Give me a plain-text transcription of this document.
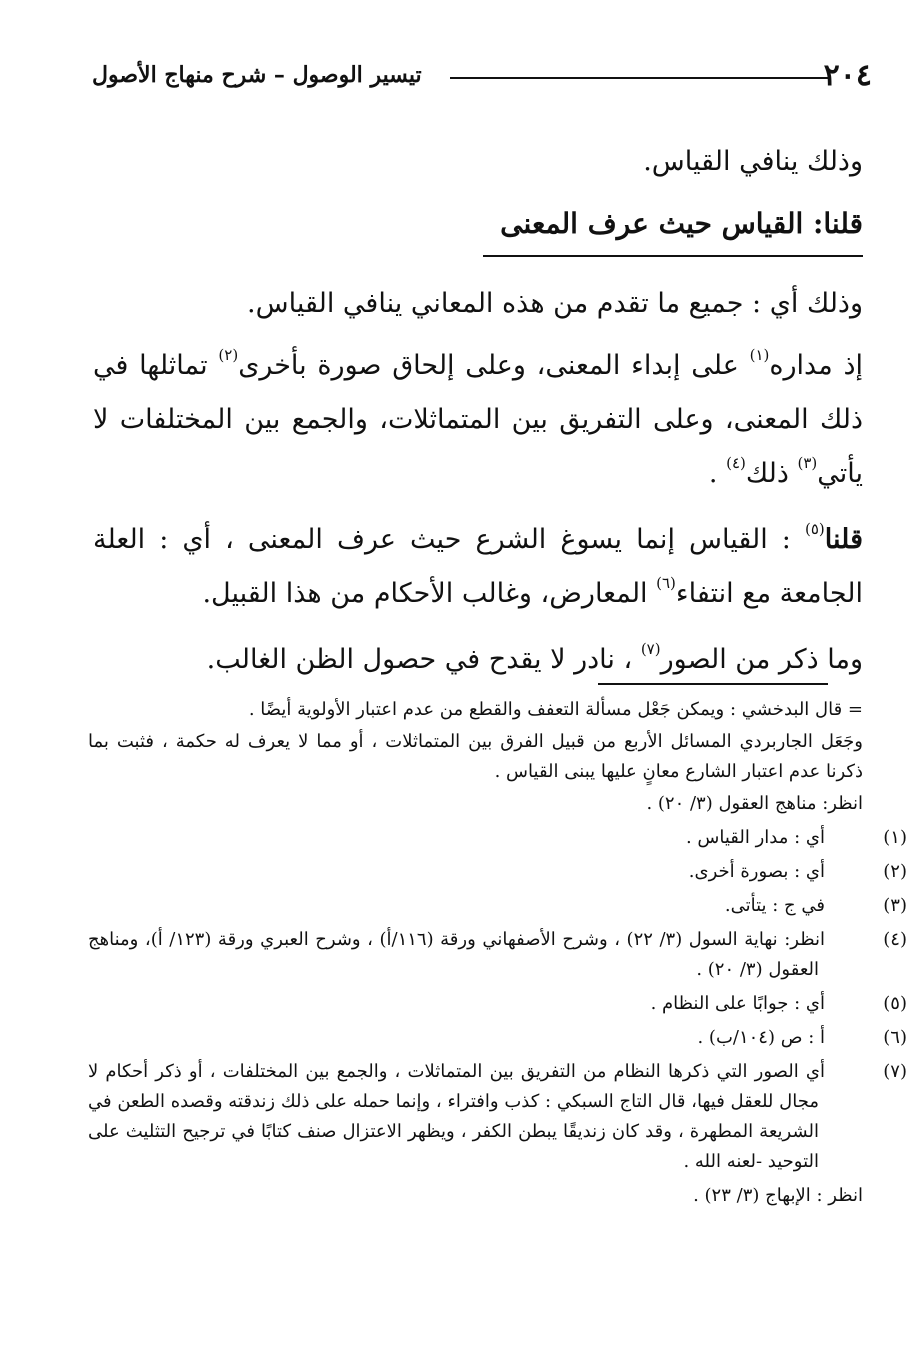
٢٠٤
تيسير الوصول – شرح منهاج الأصول

وذلك ينافي القياس.

قلنا: القياس حيث عرف المعنى

وذلك أي : جميع ما تقدم من هذه المعاني ينافي القياس.

إذ مداره$^{(١)}$ على إبداء المعنى، وعلى إلحاق صورة بأخرى$^{(٢)}$ تماثلها في ذلك المعنى، وعلى التفريق بين المتماثلات، والجمع بين المختلفات لا يأتي$^{(٣)}$ ذلك$^{(٤)}$ .

قلنا$^{(٥)}$ : القياس إنما يسوغ الشرع حيث عرف المعنى ، أي : العلة الجامعة مع انتفاء$^{(٦)}$ المعارض، وغالب الأحكام من هذا القبيل.

وما ذكر من الصور$^{(٧)}$ ، نادر لا يقدح في حصول الظن الغالب.

= قال البدخشي : ويمكن جَعْل مسألة التعفف والقطع من عدم اعتبار الأولوية أيضًا .

وجَعَل الجاربردي المسائل الأربع من قبيل الفرق بين المتماثلات ، أو مما لا يعرف له حكمة ، فثبت بما ذكرنا عدم اعتبار الشارع معانٍ عليها يبنى القياس .

انظر: مناهج العقول (٣/ ٢٠) .

(١)أي : مدار القياس .

(٢)أي : بصورة أخرى.

(٣)في ج : يتأتى.

(٤)انظر: نهاية السول (٣/ ٢٢) ، وشرح الأصفهاني ورقة (١١٦/أ) ، وشرح العبري ورقة (١٢٣/ أ)، ومناهج العقول (٣/ ٢٠) .

(٥)أي : جوابًا على النظام .

(٦)أ : ص (١٠٤/ب) .

(٧)أي الصور التي ذكرها النظام من التفريق بين المتماثلات ، والجمع بين المختلفات ، أو ذكر أحكام لا مجال للعقل فيها، قال التاج السبكي : كذب وافتراء ، وإنما حمله على ذلك زندقته وقصده الطعن في الشريعة المطهرة ، وقد كان زنديقًا يبطن الكفر ، ويظهر الاعتزال صنف كتابًا في ترجيح التثليث على التوحيد -لعنه الله .

انظر : الإبهاج (٣/ ٢٣) .
